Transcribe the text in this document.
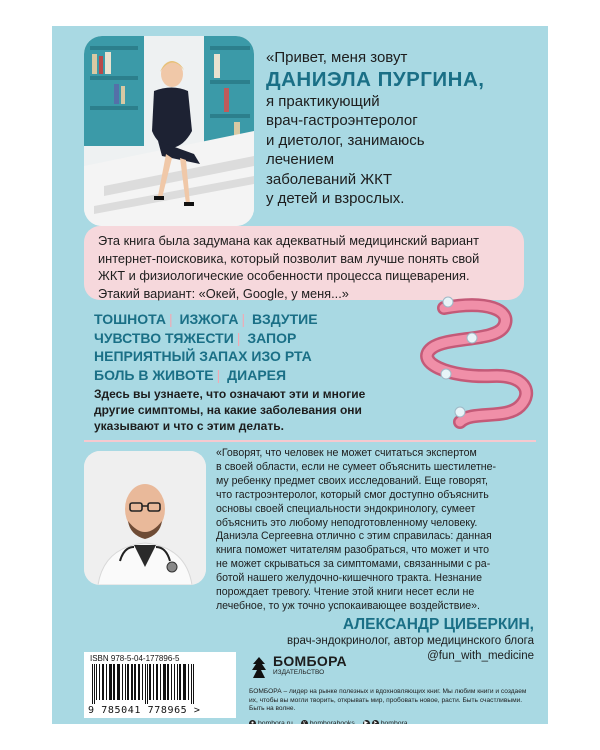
«Привет, меня зовут
ДАНИЭЛА ПУРГИНА,
я практикующий
врач-гастроэнтеролог
и диетолог, занимаюсь
лечением
заболеваний ЖКТ
у детей и взрослых.
Эта книга была задумана как адекватный медицинский вариант
интернет-поисковика, который позволит вам лучше понять свой
ЖКТ и физиологические особенности процесса пищеварения.
Этакий вариант: «Окей, Google, у меня...»
ТОШНОТА | ИЗЖОГА | ВЗДУТИЕ
ЧУВСТВО ТЯЖЕСТИ | ЗАПОР
НЕПРИЯТНЫЙ ЗАПАХ ИЗО РТА
БОЛЬ В ЖИВОТЕ | ДИАРЕЯ
Здесь вы узнаете, что означают эти и многие
другие симптомы, на какие заболевания они
указывают и что с этим делать.
«Говорят, что человек не может считаться экспертом
в своей области, если не сумеет объяснить шестилетне-
му ребенку предмет своих исследований. Еще говорят,
что гастроэнтеролог, который смог доступно объяснить
основы своей специальности эндокринологу, сумеет
объяснить это любому неподготовленному человеку.
Даниэла Сергеевна отлично с этим справилась: данная
книга поможет читателям разобраться, что может и что
не может скрываться за симптомами, связанными с ра-
ботой нашего желудочно-кишечного тракта. Незнание
порождает тревогу. Чтение этой книги несет если не
лечебное, то уж точно успокаивающее воздействие».
АЛЕКСАНДР ЦИБЕРКИН,
врач-эндокринолог, автор медицинского блога
@fun_with_medicine
ISBN 978-5-04-177896-5
9 785041 778965 >
БОМБОРА
ИЗДАТЕЛЬСТВО
БОМБОРА – лидер на рынке полезных и вдохновляющих книг. Мы любим книги и создаем их, чтобы вы могли творить, открывать мир, пробовать новое, расти. Быть счастливыми. Быть на волне.
● bombora.ru	v bomborabooks	▶ ➤ bombora
